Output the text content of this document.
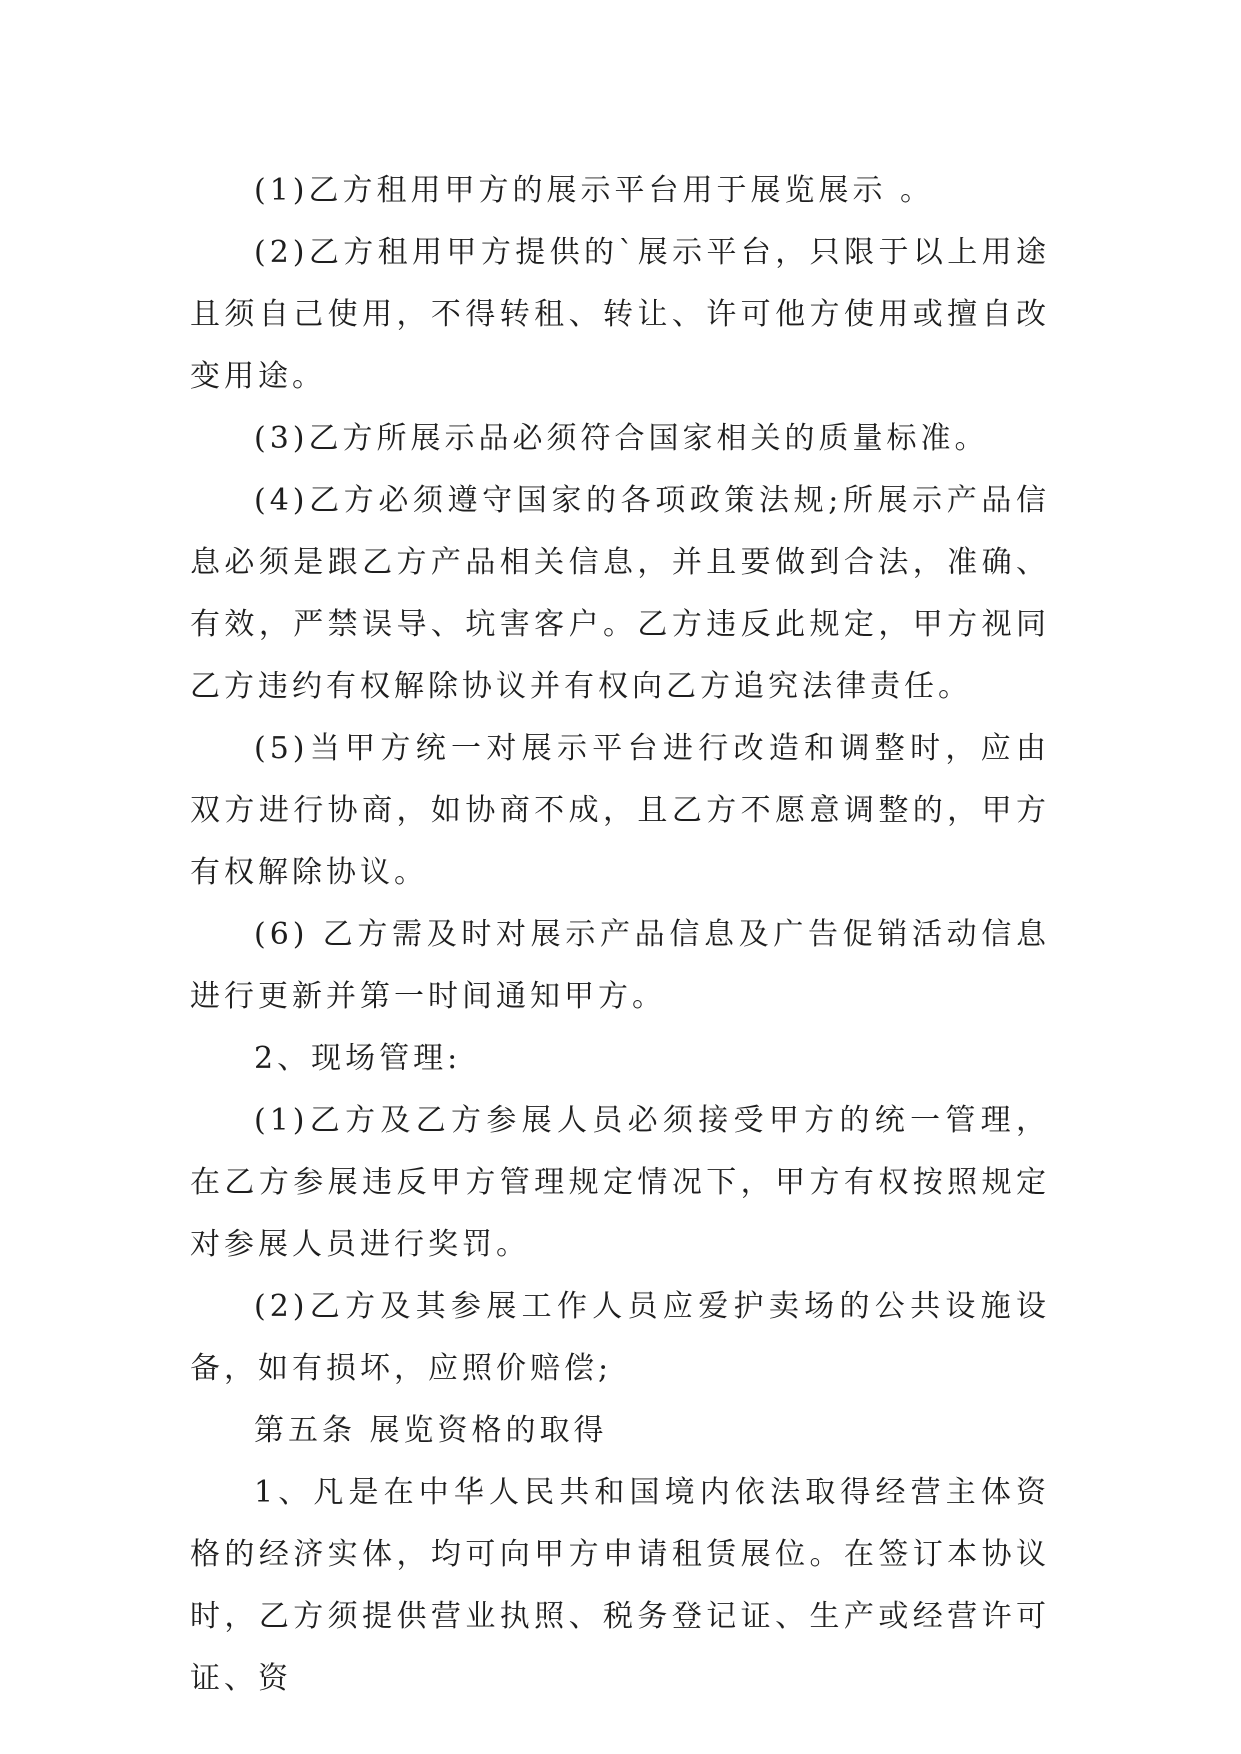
(1)乙方租用甲方的展示平台用于展览展示 。

(2)乙方租用甲方提供的`展示平台，只限于以上用途且须自己使用，不得转租、转让、许可他方使用或擅自改变用途。

(3)乙方所展示品必须符合国家相关的质量标准。

(4)乙方必须遵守国家的各项政策法规;所展示产品信息必须是跟乙方产品相关信息，并且要做到合法，准确、有效，严禁误导、坑害客户。乙方违反此规定，甲方视同乙方违约有权解除协议并有权向乙方追究法律责任。

(5)当甲方统一对展示平台进行改造和调整时，应由双方进行协商，如协商不成，且乙方不愿意调整的，甲方有权解除协议。

(6) 乙方需及时对展示产品信息及广告促销活动信息进行更新并第一时间通知甲方。

2、现场管理:

(1)乙方及乙方参展人员必须接受甲方的统一管理，在乙方参展违反甲方管理规定情况下，甲方有权按照规定对参展人员进行奖罚。

(2)乙方及其参展工作人员应爱护卖场的公共设施设备，如有损坏，应照价赔偿;

第五条 展览资格的取得

1、凡是在中华人民共和国境内依法取得经营主体资格的经济实体，均可向甲方申请租赁展位。在签订本协议时，乙方须提供营业执照、税务登记证、生产或经营许可证、资
